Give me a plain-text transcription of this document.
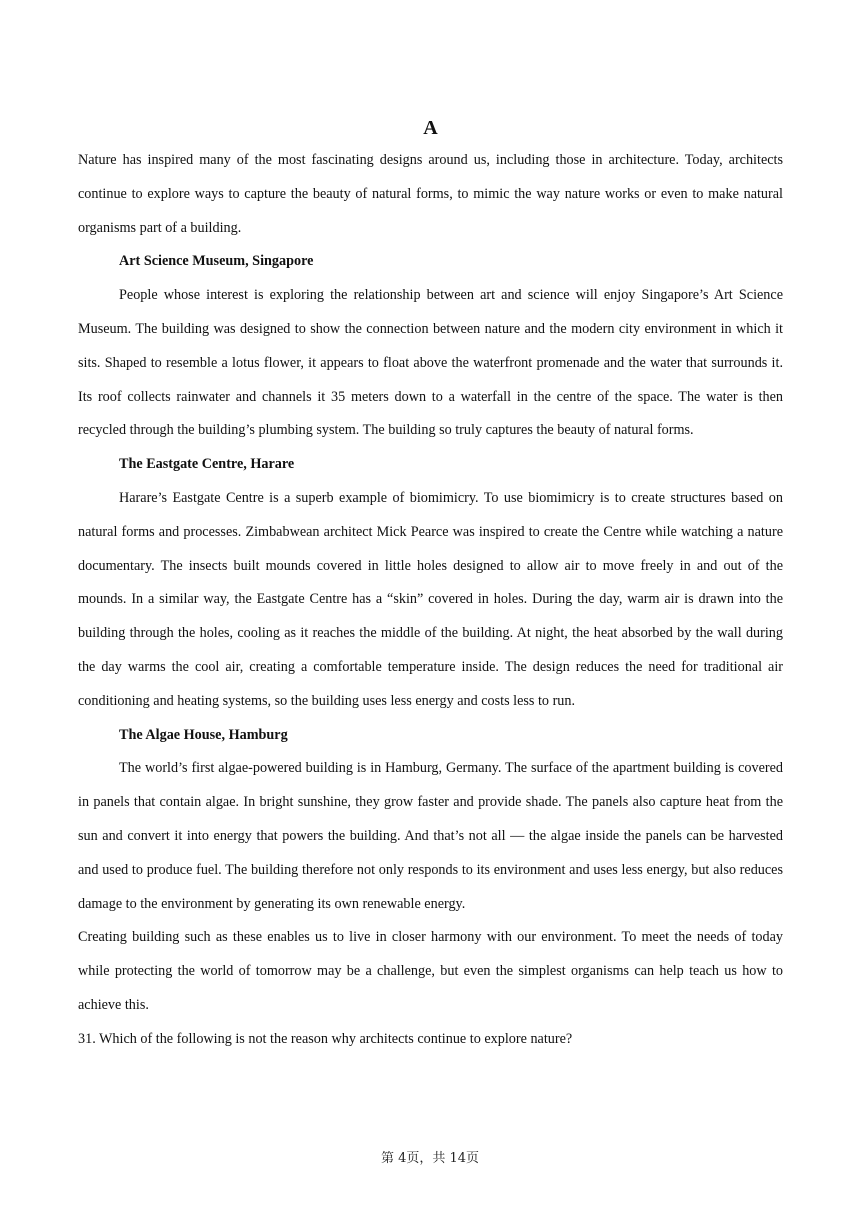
A

Nature has inspired many of the most fascinating designs around us, including those in architecture. Today, architects continue to explore ways to capture the beauty of natural forms, to mimic the way nature works or even to make natural organisms part of a building.

Art Science Museum, Singapore

People whose interest is exploring the relationship between art and science will enjoy Singapore’s Art Science Museum. The building was designed to show the connection between nature and the modern city environment in which it sits. Shaped to resemble a lotus flower, it appears to float above the waterfront promenade and the water that surrounds it. Its roof collects rainwater and channels it 35 meters down to a waterfall in the centre of the space. The water is then recycled through the building’s plumbing system. The building so truly captures the beauty of natural forms.

The Eastgate Centre, Harare

Harare’s Eastgate Centre is a superb example of biomimicry. To use biomimicry is to create structures based on natural forms and processes. Zimbabwean architect Mick Pearce was inspired to create the Centre while watching a nature documentary. The insects built mounds covered in little holes designed to allow air to move freely in and out of the mounds. In a similar way, the Eastgate Centre has a “skin” covered in holes. During the day, warm air is drawn into the building through the holes, cooling as it reaches the middle of the building. At night, the heat absorbed by the wall during the day warms the cool air, creating a comfortable temperature inside. The design reduces the need for traditional air conditioning and heating systems, so the building uses less energy and costs less to run.

The Algae House, Hamburg

The world’s first algae-powered building is in Hamburg, Germany. The surface of the apartment building is covered in panels that contain algae. In bright sunshine, they grow faster and provide shade. The panels also capture heat from the sun and convert it into energy that powers the building. And that’s not all — the algae inside the panels can be harvested and used to produce fuel. The building therefore not only responds to its environment and uses less energy, but also reduces damage to the environment by generating its own renewable energy.

Creating building such as these enables us to live in closer harmony with our environment. To meet the needs of today while protecting the world of tomorrow may be a challenge, but even the simplest organisms can help teach us how to achieve this.

31. Which of the following is not the reason why architects continue to explore nature?

第 4页，共 14页
